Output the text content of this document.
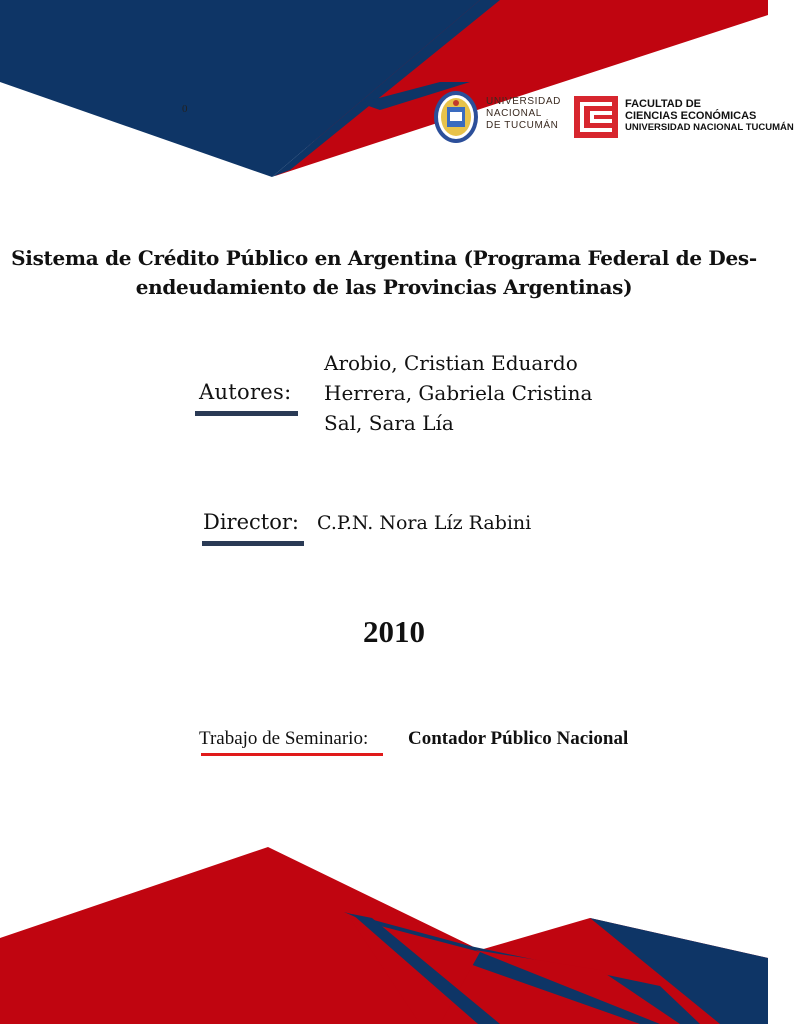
0
UNIVERSIDAD
NACIONAL
DE TUCUMÁN
FACULTAD DE
CIENCIAS ECONÓMICAS
UNIVERSIDAD NACIONAL TUCUMÁN
Sistema de Crédito Público en Argentina (Programa Federal de Des-
endeudamiento de las Provincias Argentinas)
Autores:
Arobio, Cristian Eduardo
Herrera, Gabriela Cristina
Sal, Sara Lía
Director: C.P.N. Nora Líz Rabini
2010
Trabajo de Seminario: Contador Público Nacional
